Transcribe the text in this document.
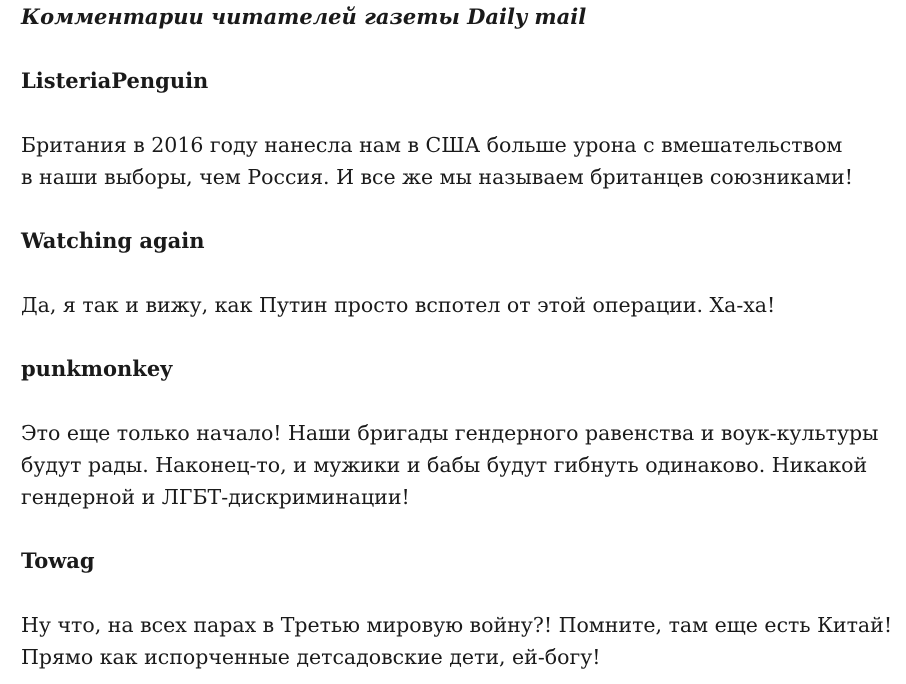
Комментарии читателей газеты Daily mail

ListeriaPenguin

Британия в 2016 году нанесла нам в США больше урона с вмешательством
в наши выборы, чем Россия. И все же мы называем британцев союзниками!

Watching again

Да, я так и вижу, как Путин просто вспотел от этой операции. Ха-ха!

punkmonkey

Это еще только начало! Наши бригады гендерного равенства и воук-культуры
будут рады. Наконец-то, и мужики и бабы будут гибнуть одинаково. Никакой
гендерной и ЛГБТ-дискриминации!

Towag

Ну что, на всех парах в Третью мировую войну?! Помните, там еще есть Китай!
Прямо как испорченные детсадовские дети, ей-богу!
